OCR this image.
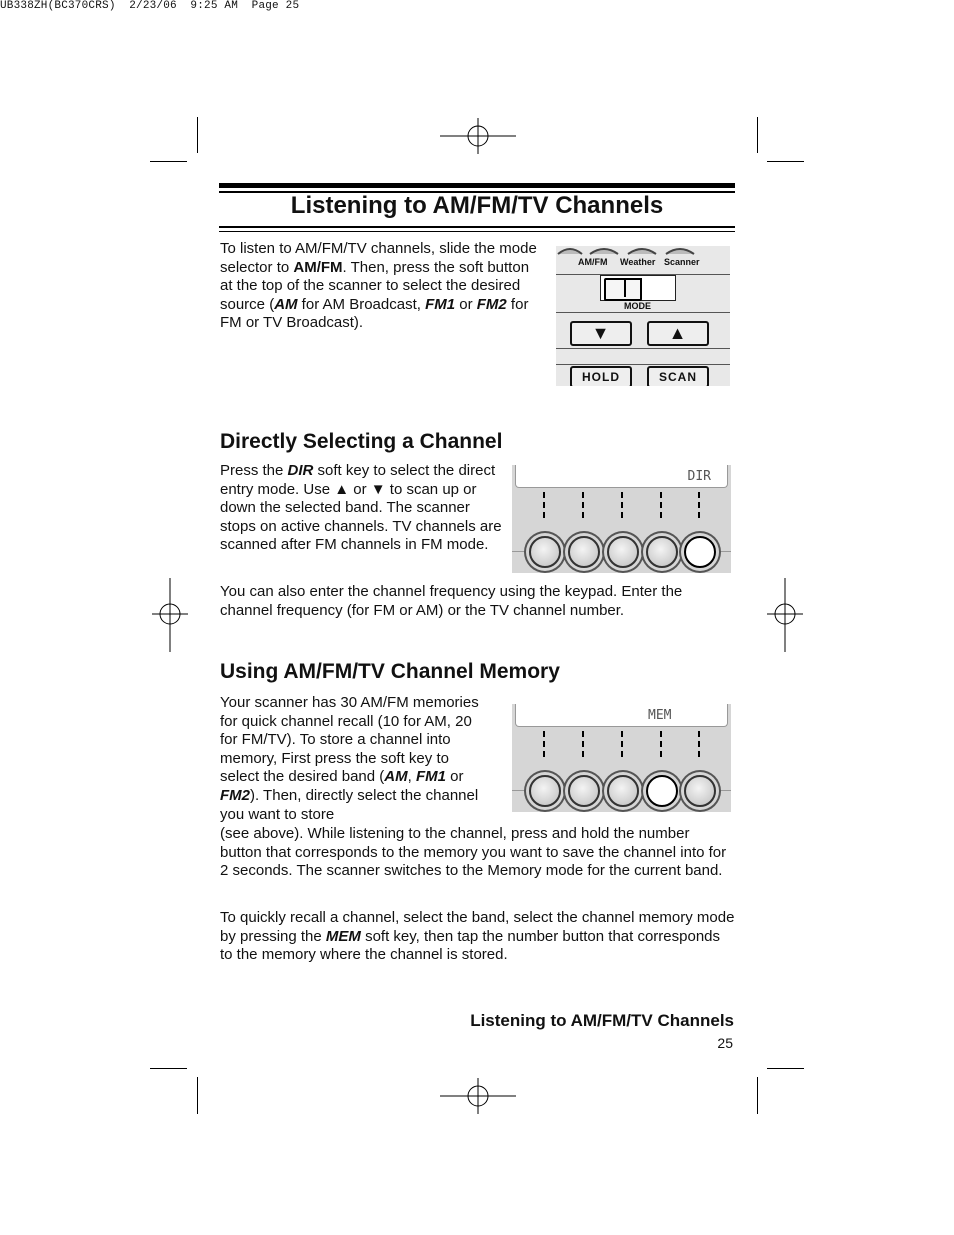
UB338ZH(BC370CRS)  2/23/06  9:25 AM  Page 25
Listening to AM/FM/TV Channels

To listen to AM/FM/TV channels, slide the mode selector to AM/FM. Then, press the soft button at the top of the scanner to select the desired source (AM for AM Broadcast, FM1 or FM2 for FM or TV Broadcast).

AM/FM Weather Scanner
MODE
▼	▲
HOLD	SCAN
Directly Selecting a Channel

Press the DIR soft key to select the direct entry mode. Use ▲ or ▼ to scan up or down the selected band. The scanner stops on active channels. TV channels are scanned after FM channels in FM mode.

DIR

You can also enter the channel frequency using the keypad. Enter the channel frequency (for FM or AM) or the TV channel number.

Using AM/FM/TV Channel Memory

Your scanner has 30 AM/FM memories for quick channel recall (10 for AM, 20 for FM/TV). To store a channel into memory, First press the soft key to select the desired band (AM, FM1 or FM2). Then, directly select the channel you want to store

(see above). While listening to the channel, press and hold the number button that corresponds to the memory you want to save the channel into for 2 seconds. The scanner switches to the Memory mode for the current band.

MEM

To quickly recall a channel, select the band, select the channel memory mode by pressing the MEM soft key, then tap the number button that corresponds to the memory where the channel is stored.

Listening to AM/FM/TV Channels
25
